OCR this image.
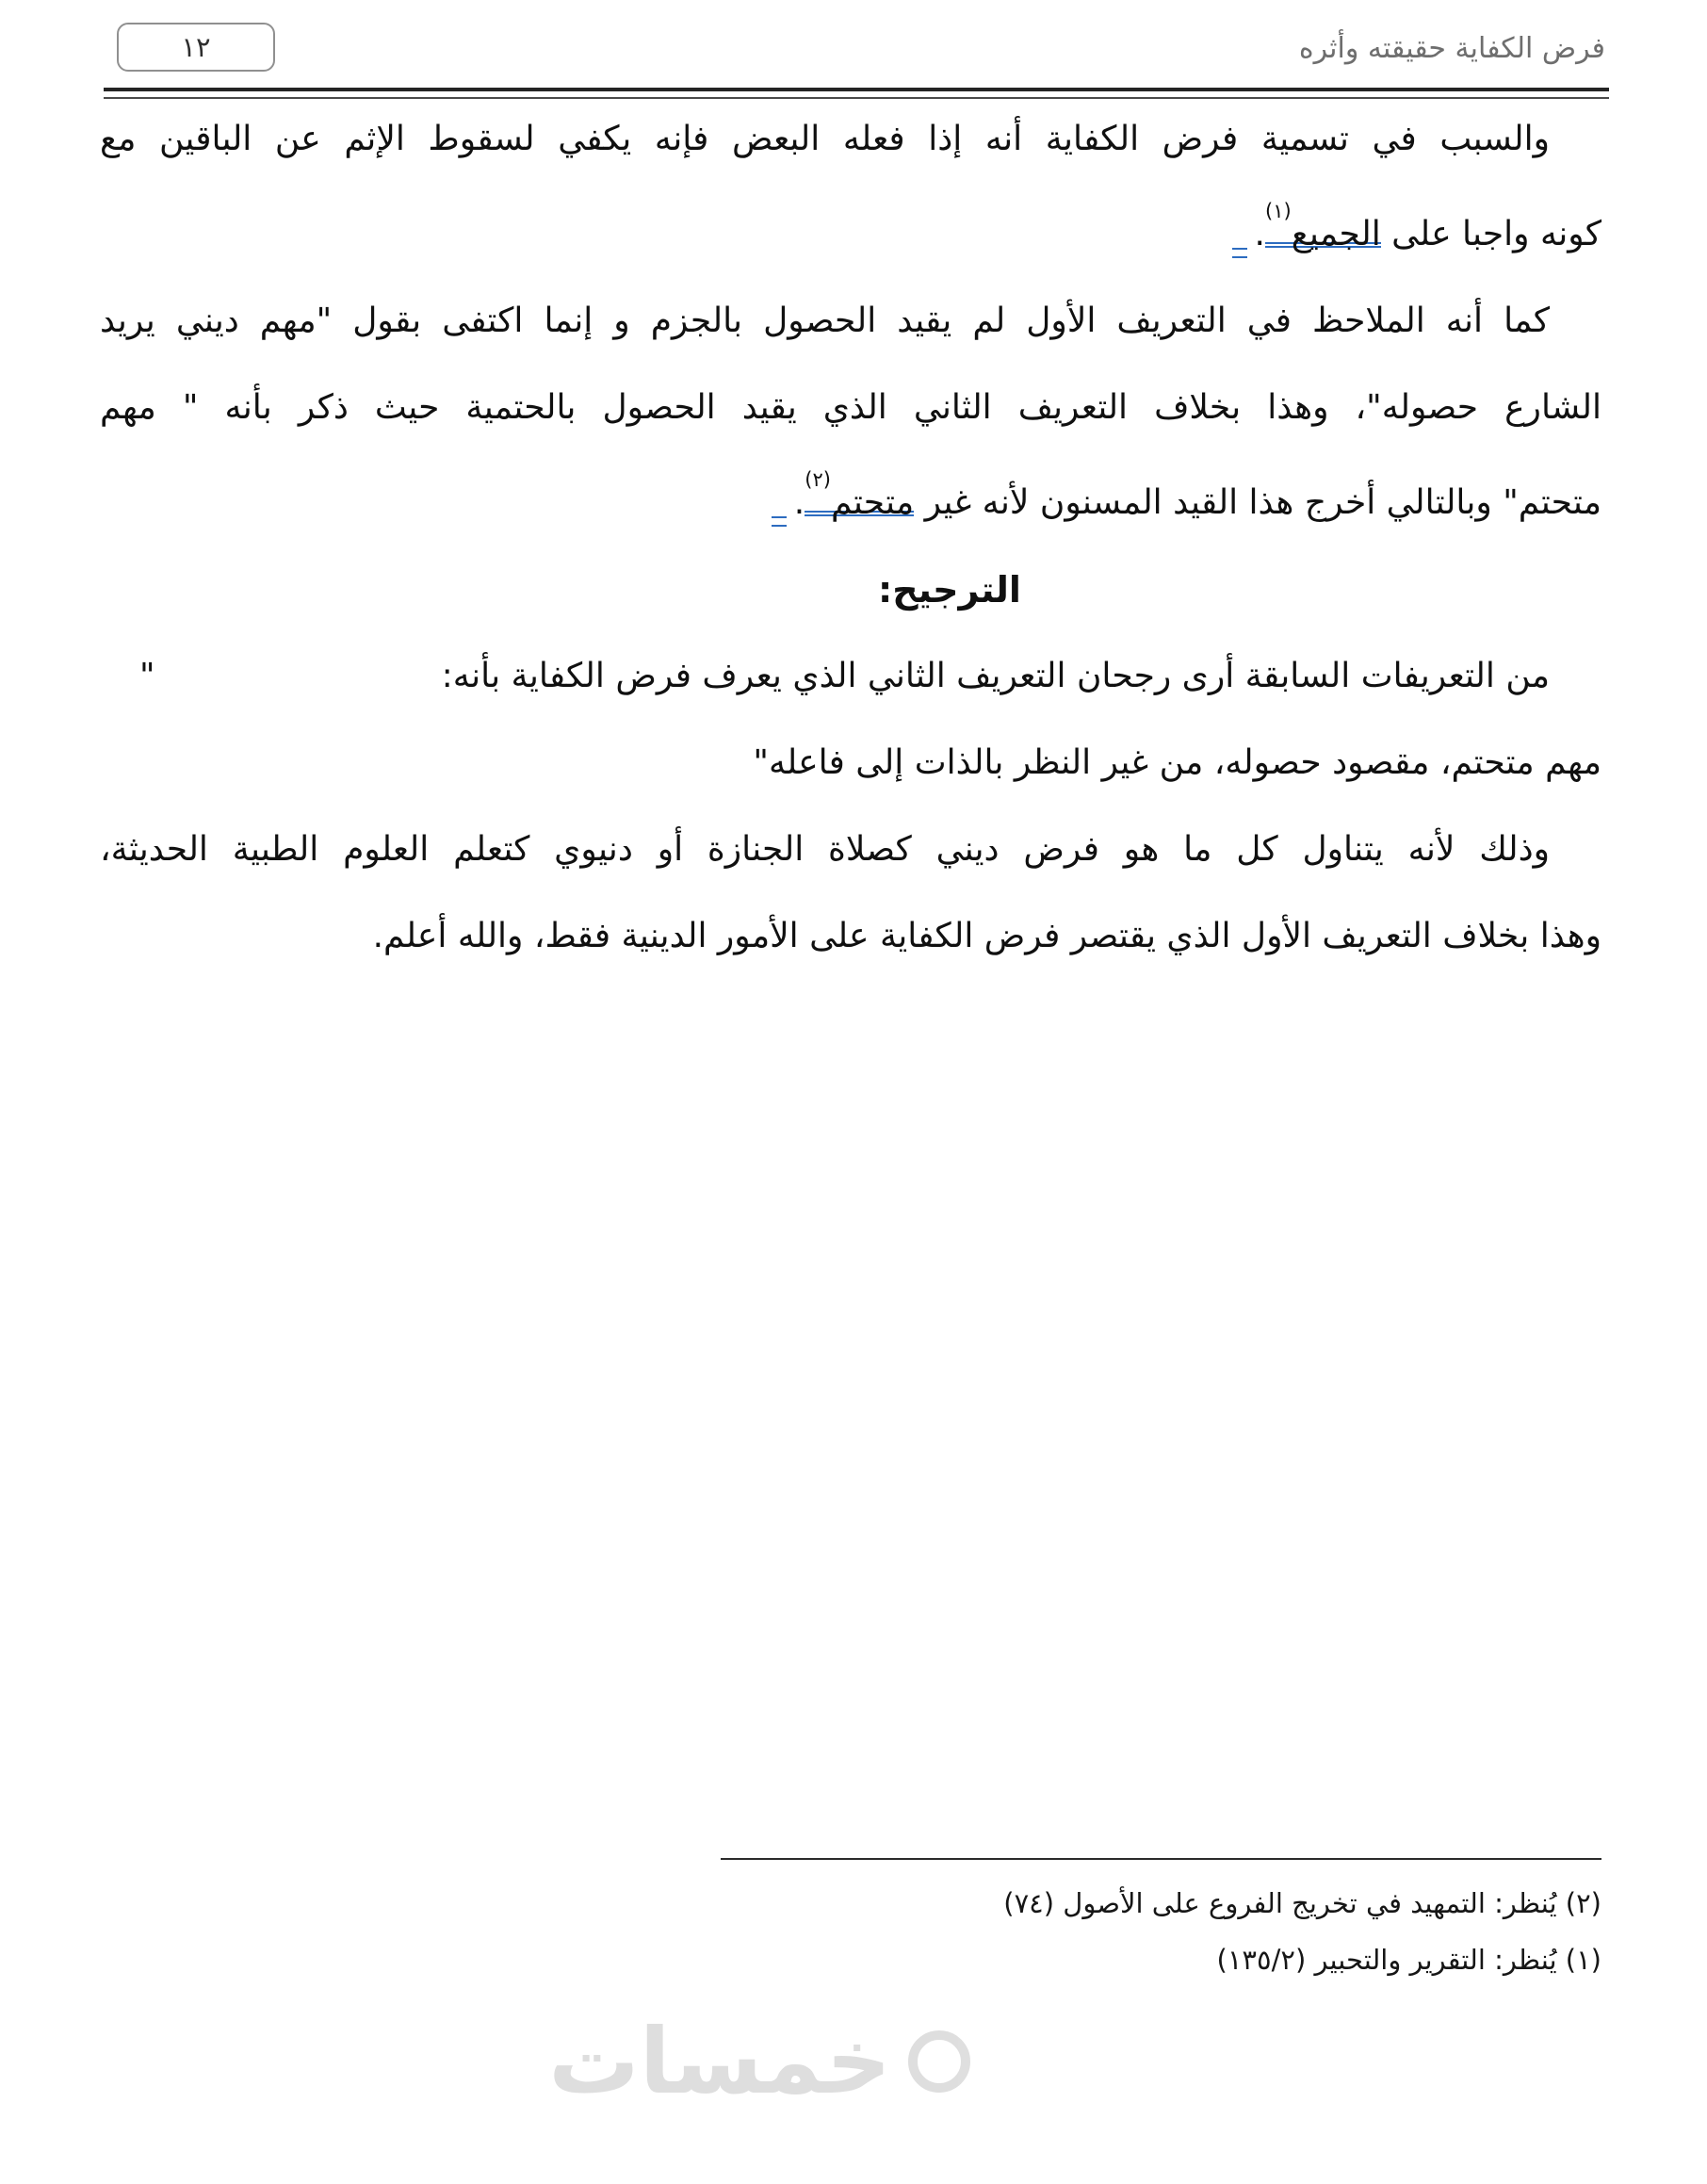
١٢	فرض الكفاية حقيقته وأثره
والسبب في تسمية فرض الكفاية أنه إذا فعله البعض فإنه يكفي لسقوط الإثم عن الباقين مع
كونه واجبا على الجميع$^{(١)}$.
كما أنه الملاحظ في التعريف الأول لم يقيد الحصول بالجزم و إنما اكتفى بقول "مهم ديني يريد
الشارع حصوله"، وهذا بخلاف التعريف الثاني الذي يقيد الحصول بالحتمية حيث ذكر بأنه " مهم
متحتم" وبالتالي أخرج هذا القيد المسنون لأنه غير متحتم$^{(٢)}$.
الترجيح:
من التعريفات السابقة أرى رجحان التعريف الثاني الذي يعرف فرض الكفاية بأنه:
"
مهم متحتم، مقصود حصوله، من غير النظر بالذات إلى فاعله"
وذلك لأنه يتناول كل ما هو فرض ديني كصلاة الجنازة أو دنيوي كتعلم العلوم الطبية الحديثة،
وهذا بخلاف التعريف الأول الذي يقتصر فرض الكفاية على الأمور الدينية فقط، والله أعلم.
(٢) يُنظر: التمهيد في تخريج الفروع على الأصول (٧٤)
(١) يُنظر: التقرير والتحبير (١٣٥/٢)
خمسات
